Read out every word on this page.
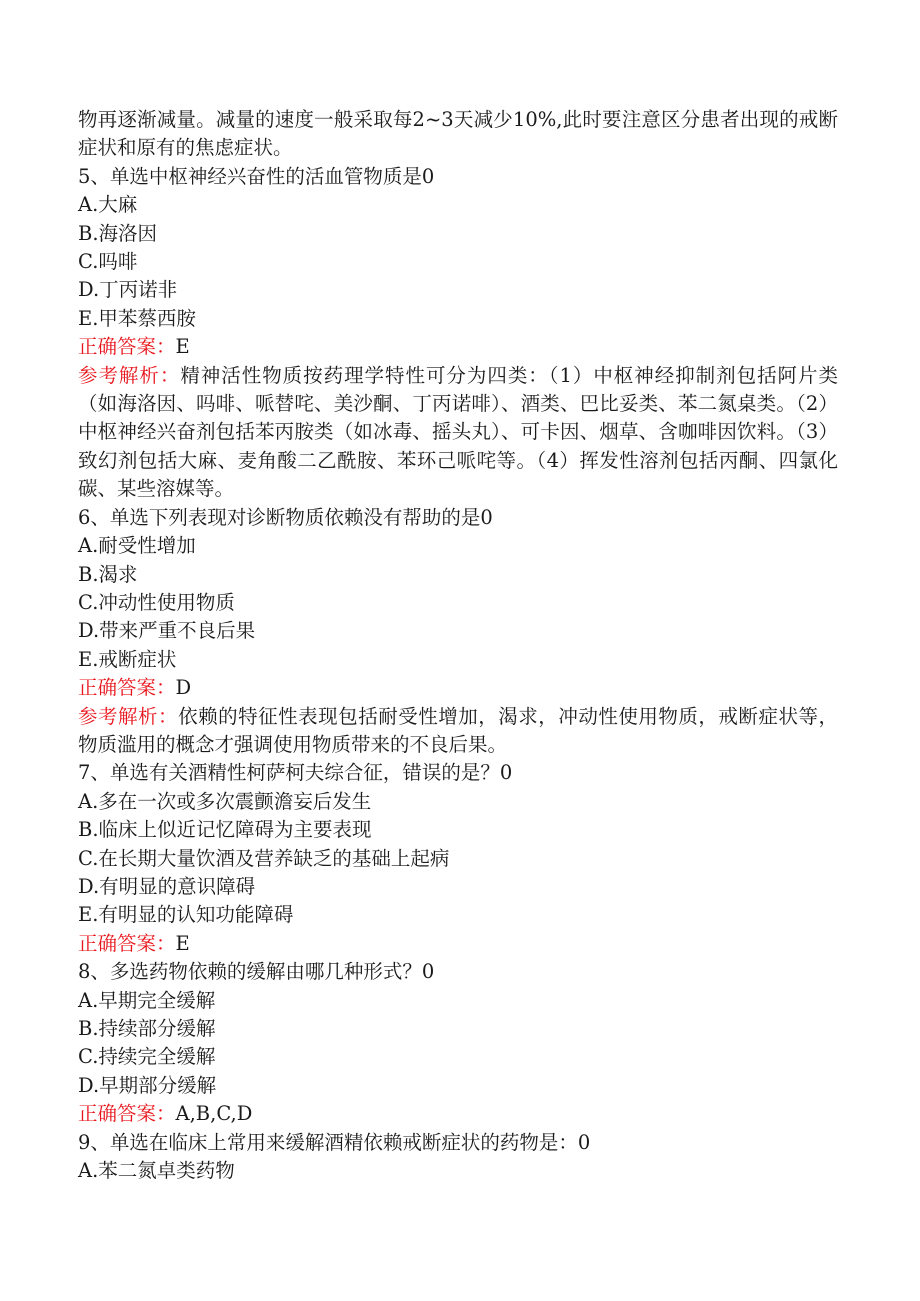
物再逐渐减量。减量的速度一般采取每2~3天减少10%,此时要注意区分患者出现的戒断症状和原有的焦虑症状。
5、单选中枢神经兴奋性的活血管物质是0
A.大麻
B.海洛因
C.吗啡
D.丁丙诺非
E.甲苯蔡西胺
正确答案：E
参考解析：精神活性物质按药理学特性可分为四类：（1）中枢神经抑制剂包括阿片类（如海洛因、吗啡、哌替咤、美沙酮、丁丙诺啡）、酒类、巴比妥类、苯二氮桌类。（2）中枢神经兴奋剂包括苯丙胺类（如冰毒、摇头丸）、可卡因、烟草、含咖啡因饮料。（3）致幻剂包括大麻、麦角酸二乙酰胺、苯环己哌咤等。（4）挥发性溶剂包括丙酮、四氯化碳、某些溶媒等。
6、单选下列表现对诊断物质依赖没有帮助的是0
A.耐受性增加
B.渴求
C.冲动性使用物质
D.带来严重不良后果
E.戒断症状
正确答案：D
参考解析：依赖的特征性表现包括耐受性增加，渴求，冲动性使用物质，戒断症状等，物质滥用的概念才强调使用物质带来的不良后果。
7、单选有关酒精性柯萨柯夫综合征，错误的是？0
A.多在一次或多次震颤澹妄后发生
B.临床上似近记忆障碍为主要表现
C.在长期大量饮酒及营养缺乏的基础上起病
D.有明显的意识障碍
E.有明显的认知功能障碍
正确答案：E
8、多选药物依赖的缓解由哪几种形式？0
A.早期完全缓解
B.持续部分缓解
C.持续完全缓解
D.早期部分缓解
正确答案：A,B,C,D
9、单选在临床上常用来缓解酒精依赖戒断症状的药物是：0
A.苯二氮卓类药物
